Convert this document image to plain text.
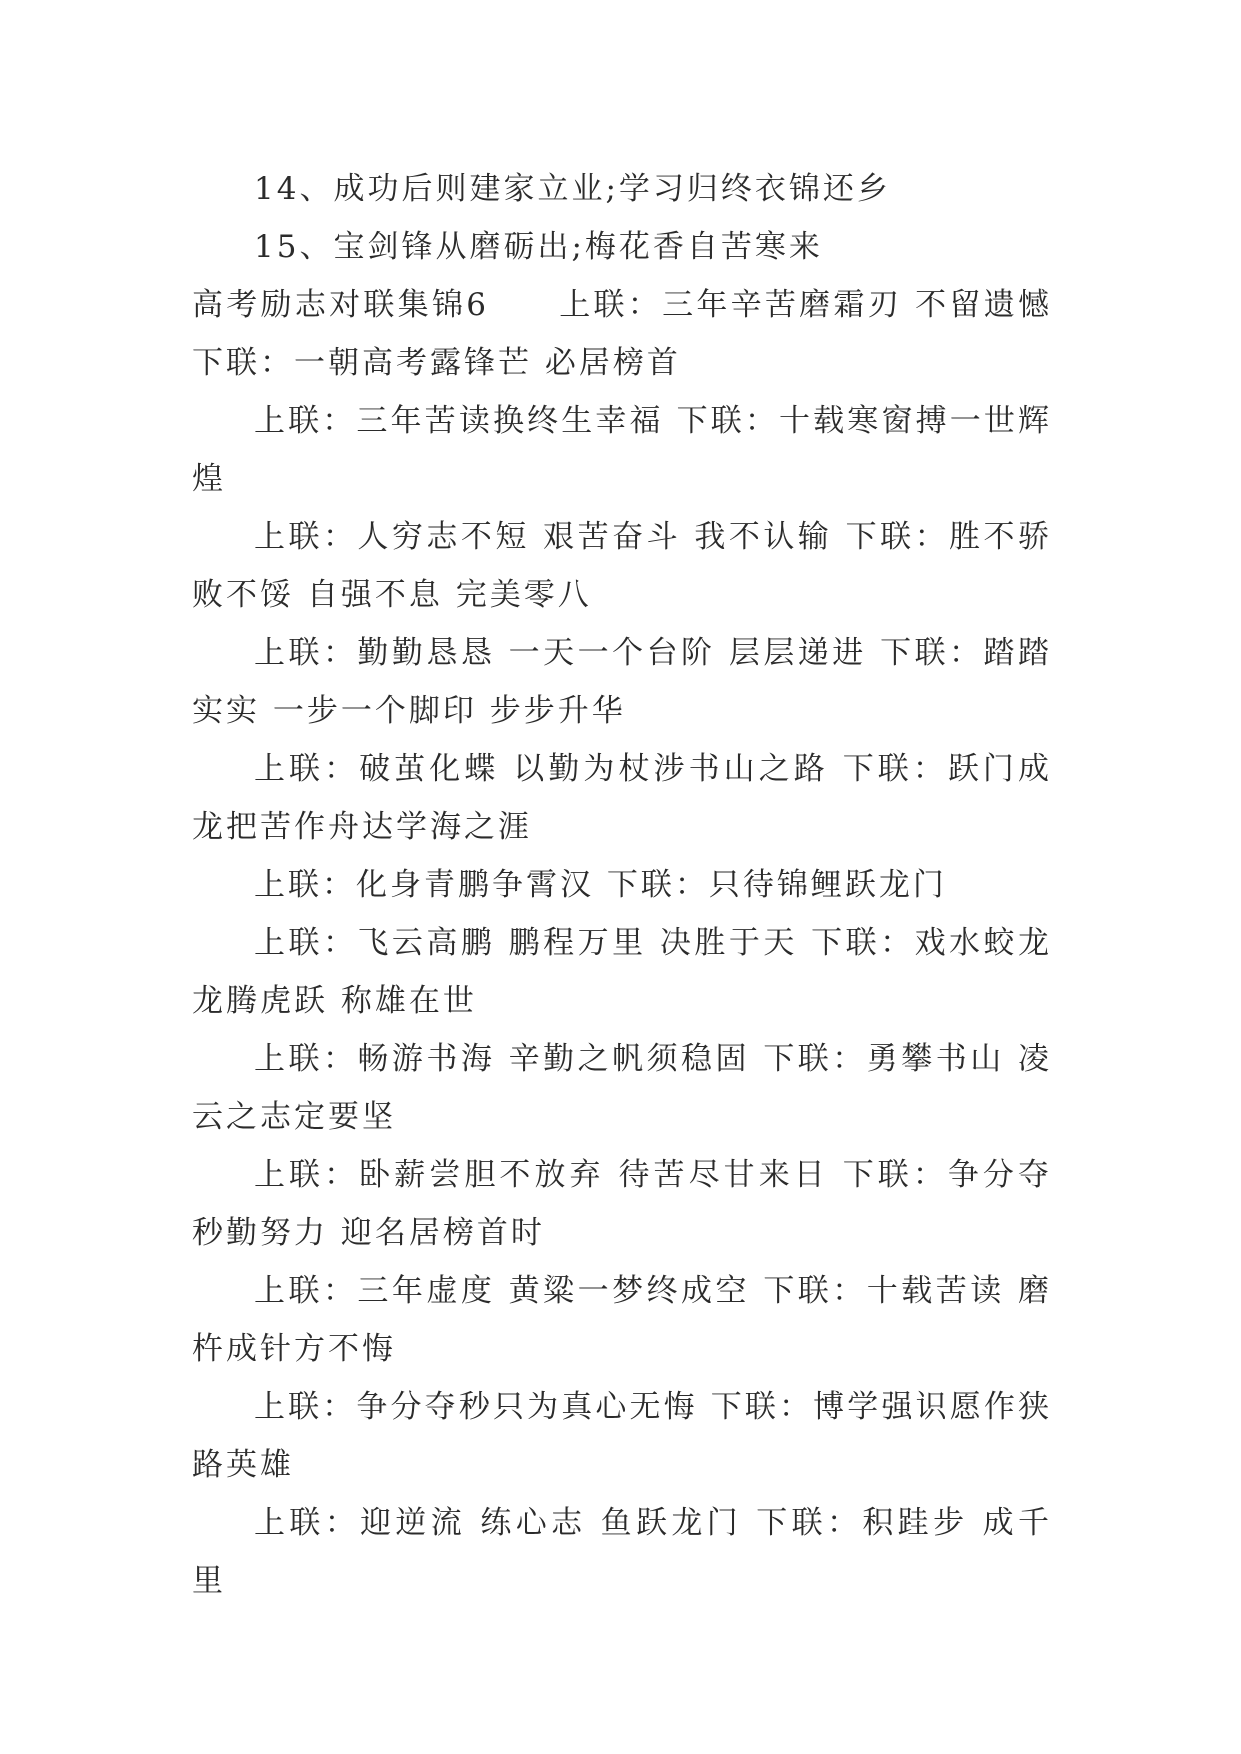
14、成功后则建家立业;学习归终衣锦还乡

15、宝剑锋从磨砺出;梅花香自苦寒来

高考励志对联集锦6 上联：三年辛苦磨霜刃 不留遗憾 下联：一朝高考露锋芒 必居榜首

上联：三年苦读换终生幸福 下联：十载寒窗搏一世辉煌

上联：人穷志不短 艰苦奋斗 我不认输 下联：胜不骄败不馁 自强不息 完美零八

上联：勤勤恳恳 一天一个台阶 层层递进 下联：踏踏实实 一步一个脚印 步步升华

上联：破茧化蝶 以勤为杖涉书山之路 下联：跃门成龙把苦作舟达学海之涯

上联：化身青鹏争霄汉 下联：只待锦鲤跃龙门

上联：飞云高鹏 鹏程万里 决胜于天 下联：戏水蛟龙龙腾虎跃 称雄在世

上联：畅游书海 辛勤之帆须稳固 下联：勇攀书山 凌云之志定要坚

上联：卧薪尝胆不放弃 待苦尽甘来日 下联：争分夺秒勤努力 迎名居榜首时

上联：三年虚度 黄粱一梦终成空 下联：十载苦读 磨杵成针方不悔

上联：争分夺秒只为真心无悔 下联：博学强识愿作狭路英雄

上联：迎逆流 练心志 鱼跃龙门 下联：积跬步 成千里
